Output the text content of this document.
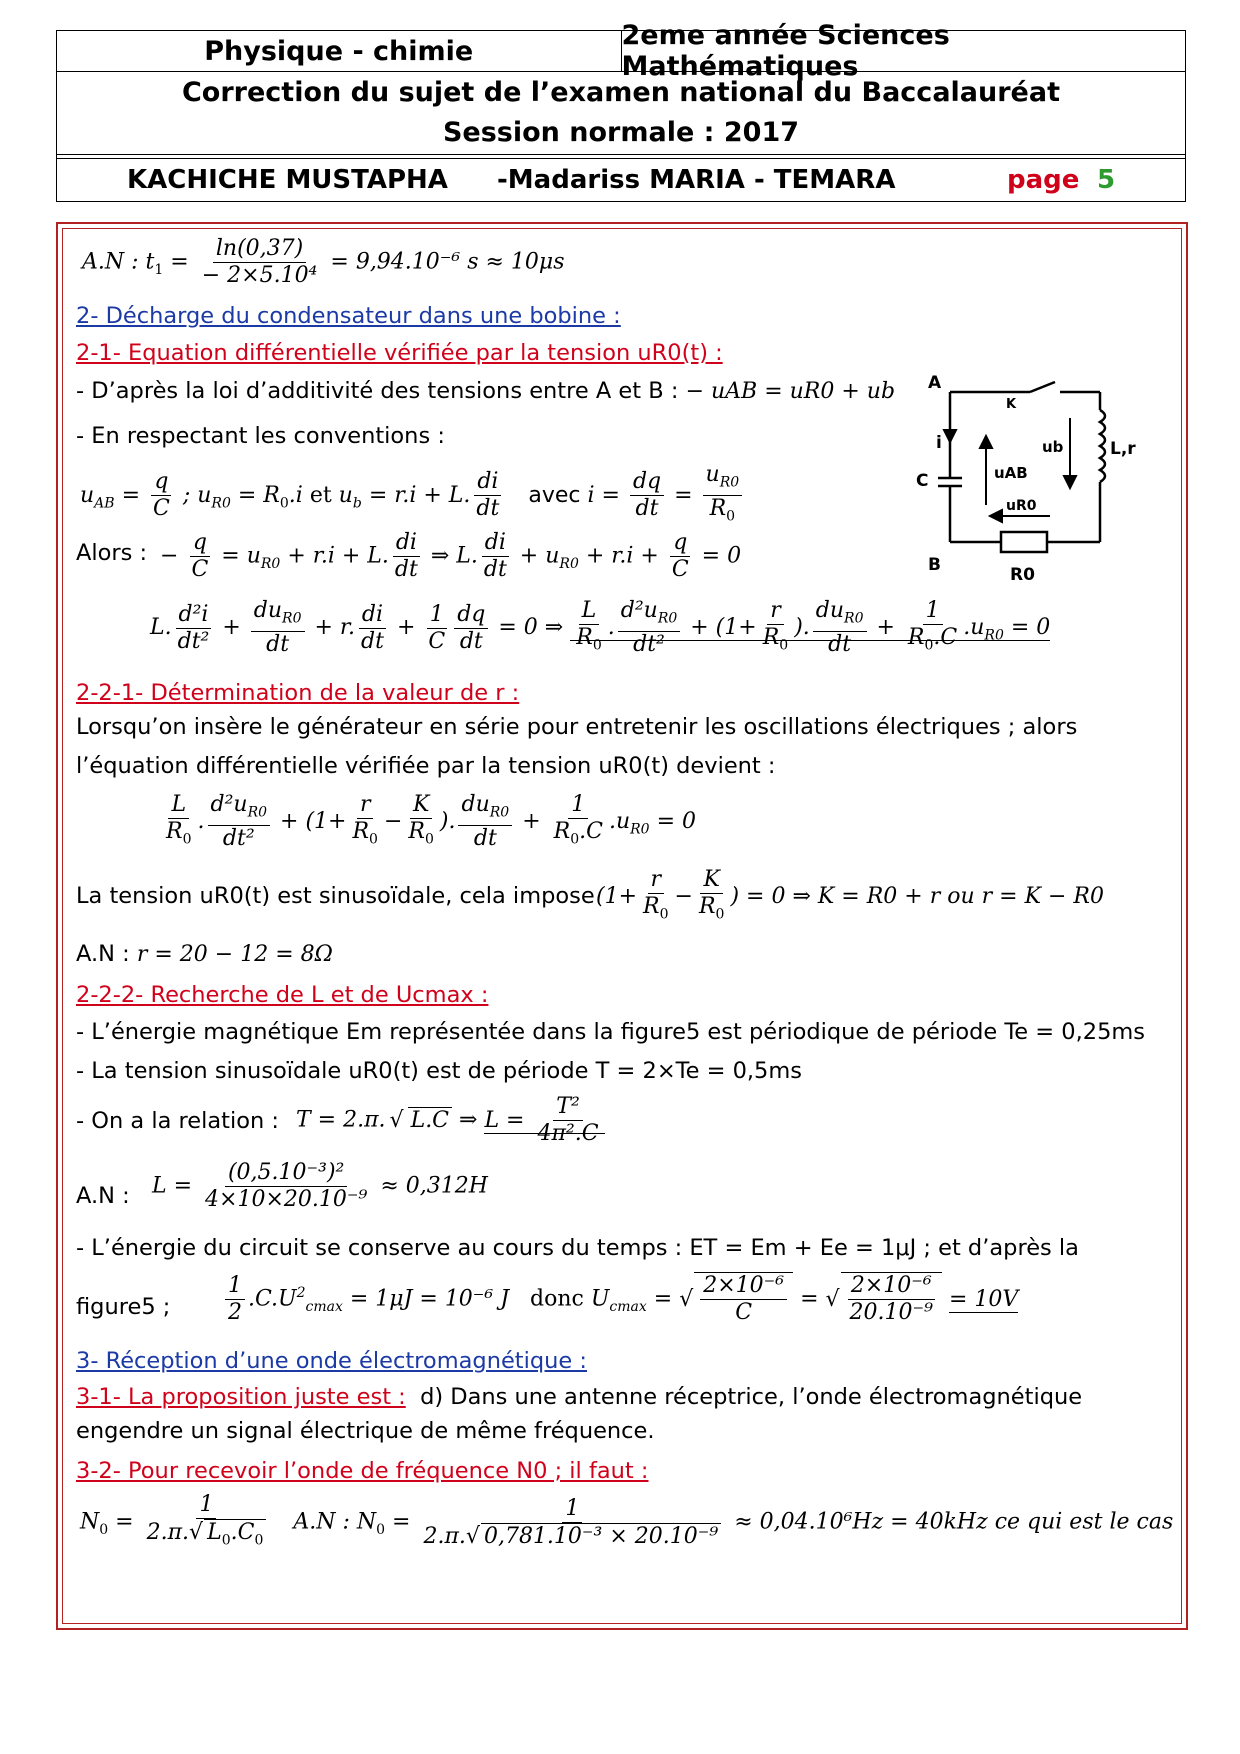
Physique - chimie	2eme année Sciences Mathématiques
Correction du sujet de l’examen national du Baccalauréat
Session normale : 2017
KACHICHE MUSTAPHA -Madariss MARIA - TEMARA	page 5
A.N : $t_1 = \frac{\ln(0,37)}{\text{− 2×5.10⁴}} = 9,94.10^{-6}$ s ≈ 10μs
2- Décharge du condensateur dans une bobine :
2-1- Equation différentielle vérifiée par la tension uR0(t) :
- D’après la loi d’additivité des tensions entre A et B : − uAB = uR0 + ub
- En respectant les conventions :
$u_{AB} = \frac{q}{C}$ ; $u_{R0} = R_0.i$ et $u_b = r.i + L$. $\frac{di}{dt}$ avec $i = \frac{dq}{dt} = \frac{u_{R0}}{R_0}$
Alors : − $\frac{q}{C} = u_{R0} + r.i + L$. $\frac{di}{dt}$ ⇒ L. $\frac{di}{dt} + u_{R0} + r.i + \frac{q}{C} = 0$
L. $\frac{\text{d²i}}{\text{dt²}}$ +
$du_{R0}$
dt
+ r. $\frac{di}{dt} + \frac{1}{C} \frac{dq}{dt} = 0$ ⇒ $\frac{L}{R_0}$ . $\frac{d^2u_{R0}}{\text{dt²}} + (1+ \frac{r}{R_0}$ ).
$du_{R0}$
dt
+ $\frac{1}{R_0.C} .u_{R0} = 0$
2-2-1- Détermination de la valeur de r :
Lorsqu’on insère le générateur en série pour entretenir les oscillations électriques ; alors
l’équation différentielle vérifiée par la tension uR0(t) devient :
$\frac{L}{R_0}$ . $\frac{d^2u_{R0}}{\text{dt²}} + (1+ \frac{r}{R_0} - \frac{K}{R_0}$ ).
$du_{R0}$
dt
+ $\frac{1}{R_0.C} .u_{R0} = 0$
La tension uR0(t) est sinusoïdale, cela impose ($1+ \frac{r}{R_0} - \frac{K}{R_0}$ ) = 0 ⇒ K = R0 + r ou r = K − R0
A.N : r = 20 − 12 = 8Ω
2-2-2- Recherche de L et de Ucmax :
- L’énergie magnétique Em représentée dans la figure5 est périodique de période Te = 0,25ms
- La tension sinusoïdale uR0(t) est de période T = 2×Te = 0,5ms
- On a la relation : T = 2.π. √ L.C ⇒ $L = \frac{\text{T²}}{\text{4π².C}}$
A.N : $L = \frac{\text{(0,5.10⁻³)²}}{\text{4×10×20.10⁻⁹}} \approx 0,312H$
- L’énergie du circuit se conserve au cours du temps : ET = Em + Ee = 1μJ ; et d’après la
figure5 ; $\frac{1}{2} .C.U^2_{cmax} = 1\mu J = 10^{-6}$ J   donc $U_{cmax}$ = √ $\frac{\text{2×10⁻⁶}}{C}$ = √ $\frac{\text{2×10⁻⁶}}{\text{20.10⁻⁹}} = 10V$
3- Réception d’une onde électromagnétique :
3-1- La proposition juste est : d) Dans une antenne réceptrice, l’onde électromagnétique
engendre un signal électrique de même fréquence.
3-2- Pour recevoir l’onde de fréquence N0 ; il faut :
$N_0 = \frac{1}{2.\pi. √ L_0.C_0} A.N$ : $N_0 = \frac{1}{\text{2.π. √ 0,781.10⁻³ × 20.10⁻⁹}} \approx 0,04.10^6Hz = 40kHz$ ce qui est le cas
A
B
K
C
i
uAB
ub	L,r
uR0
R0
